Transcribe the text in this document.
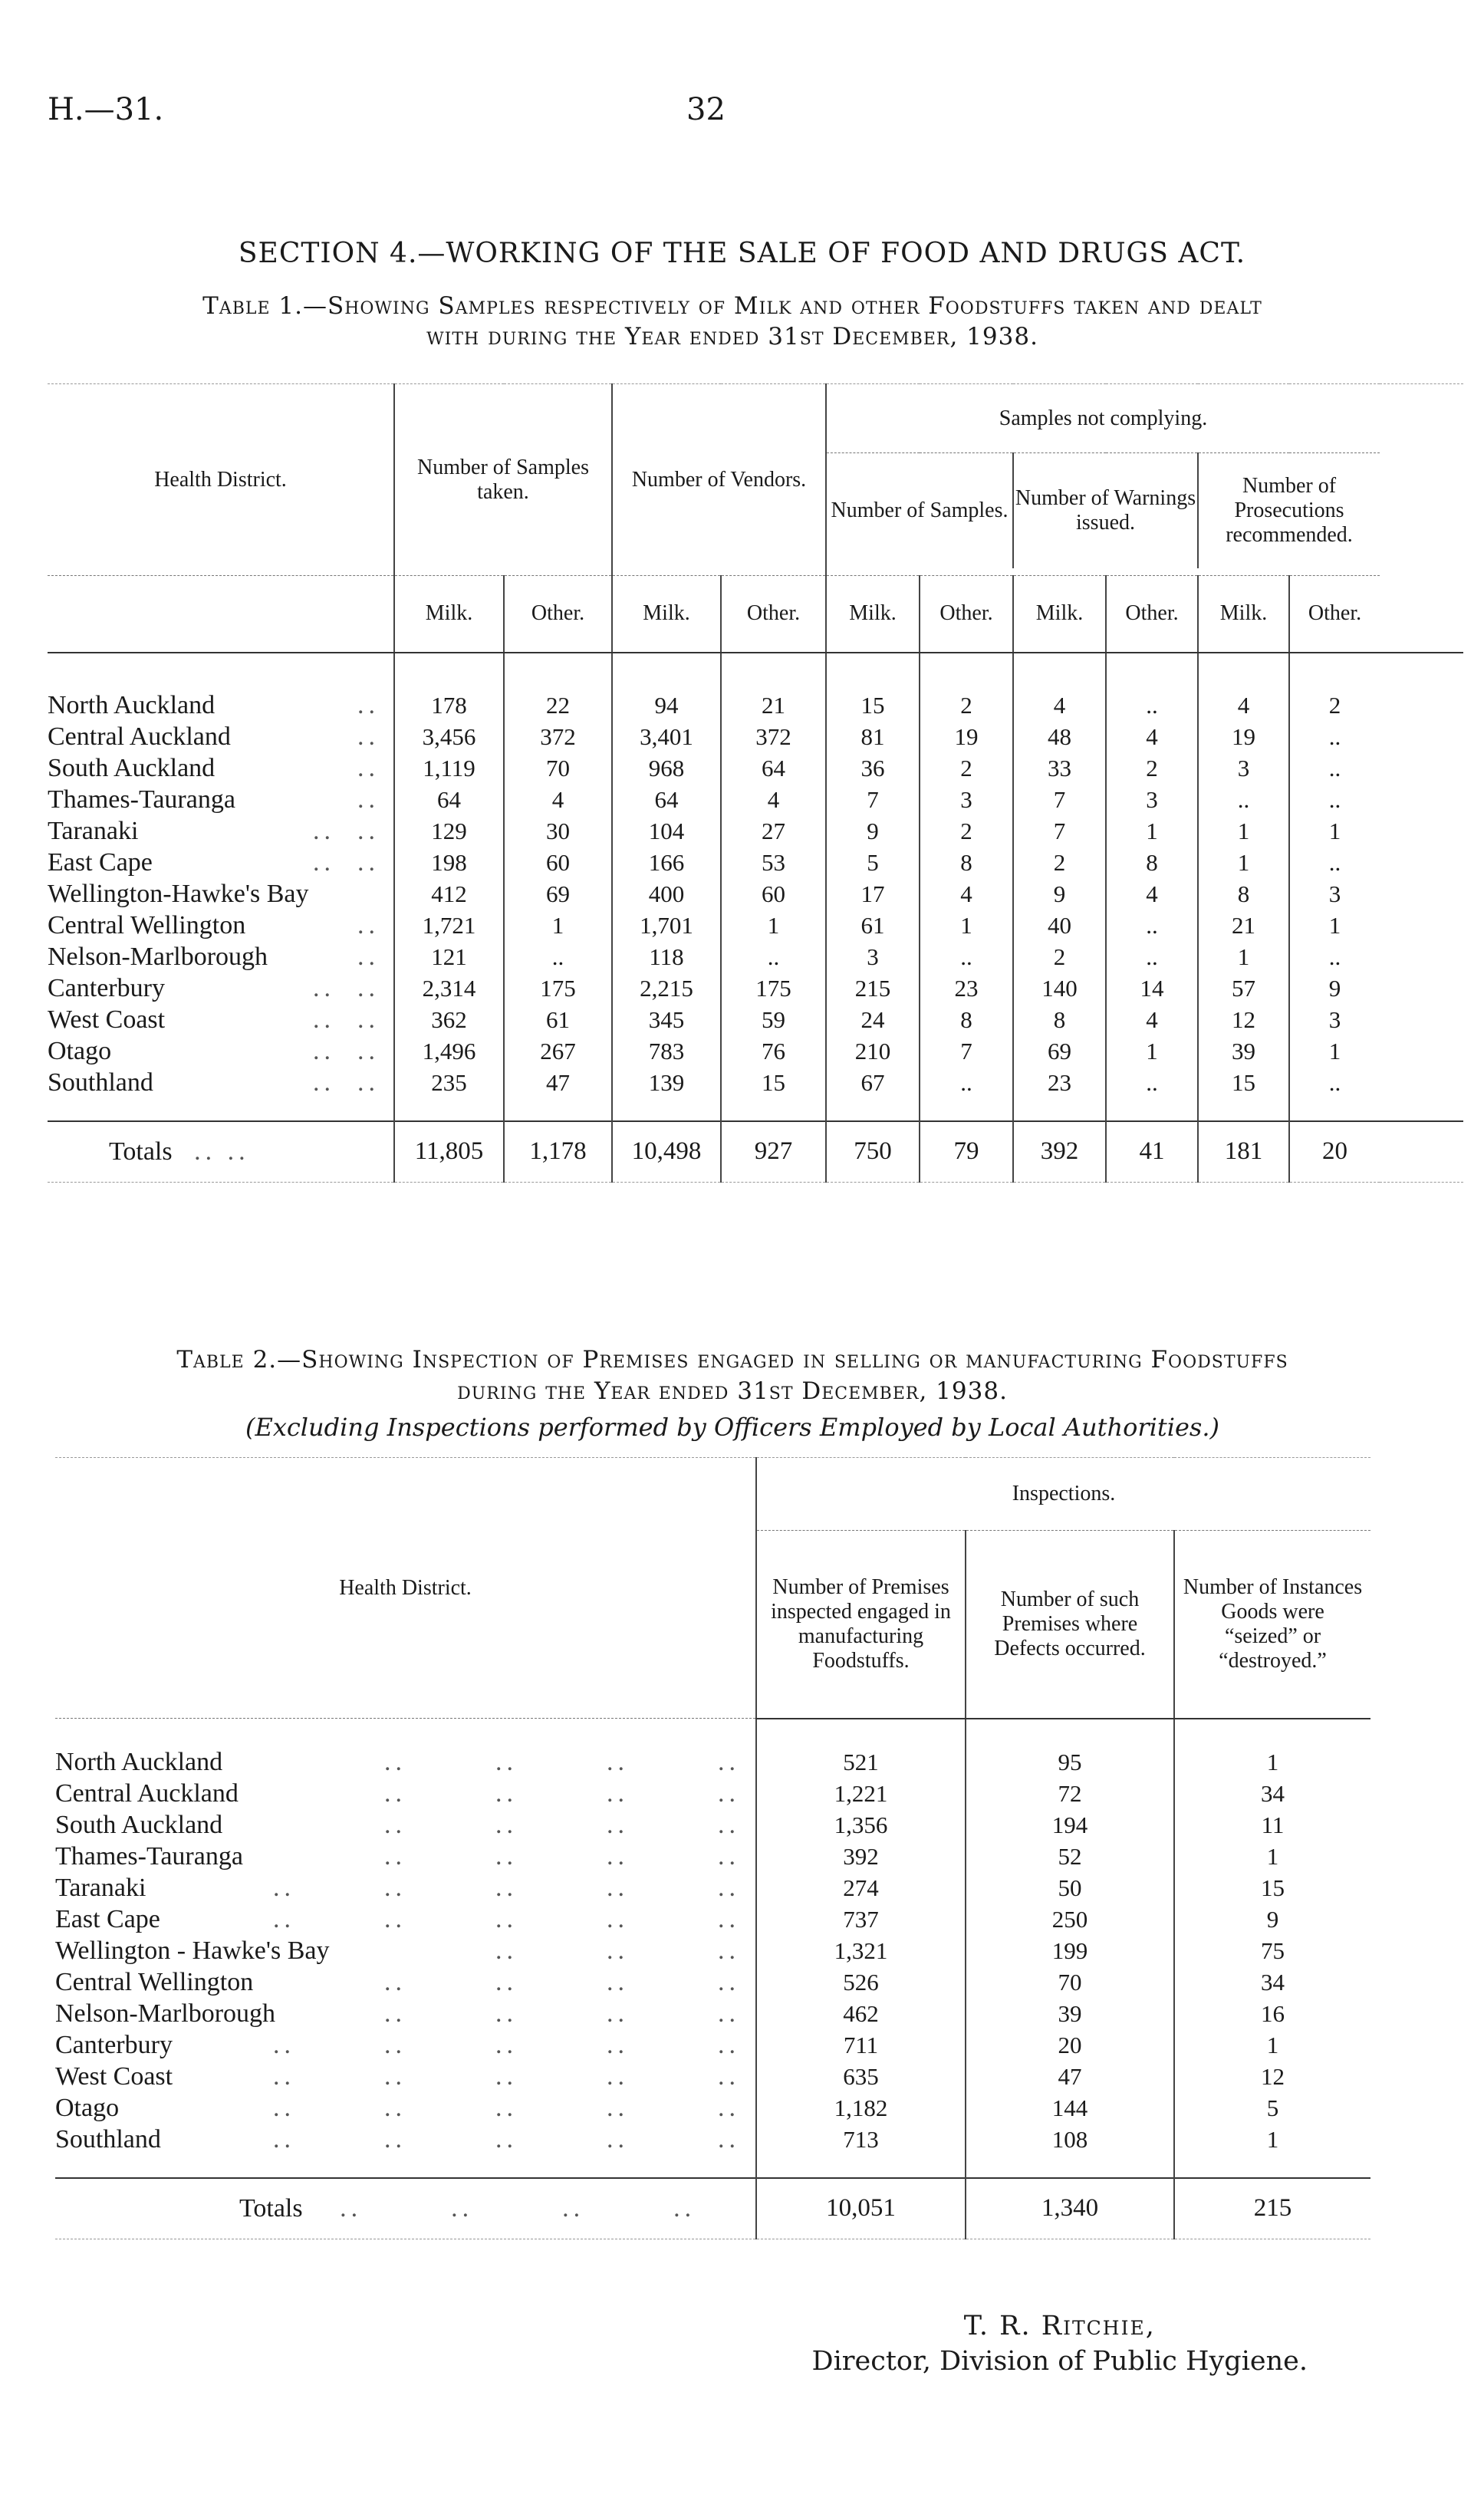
H.—31.	32
SECTION 4.—WORKING OF THE SALE OF FOOD AND DRUGS ACT.
Table 1.—Showing Samples respectively of Milk and other Foodstuffs taken and dealt
with during the Year ended 31st December, 1938.
Health District.	Number of Samples taken.		Number of Vendors.		Samples not complying.					
					Number of Samples.		Number of Warnings issued.		Number of Prosecutions recommended.	

	Milk.	Other.	Milk.	Other.	Milk.	Other.	Milk.	Other.	Milk.	Other.

North Auckland ..	178	22	94	21	15	2	4	..	4	2
Central Auckland ..	3,456	372	3,401	372	81	19	48	4	19	..
South Auckland ..	1,119	70	968	64	36	2	33	2	3	..
Thames-Tauranga ..	64	4	64	4	7	3	7	3	..	..
Taranaki ..  ..	129	30	104	27	9	2	7	1	1	1
East Cape ..  ..	198	60	166	53	5	8	2	8	1	..
Wellington-Hawke's Bay	412	69	400	60	17	4	9	4	8	3
Central Wellington ..	1,721	1	1,701	1	61	1	40	..	21	1
Nelson-Marlborough ..	121	..	118	..	3	..	2	..	1	..
Canterbury ..  ..	2,314	175	2,215	175	215	23	140	14	57	9
West Coast ..  ..	362	61	345	59	24	8	8	4	12	3
Otago ..  ..	1,496	267	783	76	210	7	69	1	39	1
Southland ..  ..	235	47	139	15	67	..	23	..	15	..

Totals .. ..	11,805	1,178	10,498	927	750	79	392	41	181	20

Table 2.—Showing Inspection of Premises engaged in selling or manufacturing Foodstuffs
during the Year ended 31st December, 1938.
(Excluding Inspections performed by Officers Employed by Local Authorities.)
Health District.	Inspections.		
	Number of Premises inspected engaged in manufacturing Foodstuffs.	Number of such Premises where Defects occurred.	Number of Instances Goods were “seized” or “destroyed.”

North Auckland ..        ..        ..        ..	521	95	1
Central Auckland ..        ..        ..        ..	1,221	72	34
South Auckland ..        ..        ..        ..	1,356	194	11
Thames-Tauranga ..        ..        ..        ..	392	52	1
Taranaki ..        ..        ..        ..        ..	274	50	15
East Cape ..        ..        ..        ..        ..	737	250	9
Wellington - Hawke's Bay ..        ..        ..	1,321	199	75
Central Wellington ..        ..        ..        ..	526	70	34
Nelson-Marlborough ..        ..        ..        ..	462	39	16
Canterbury ..        ..        ..        ..        ..	711	20	1
West Coast ..        ..        ..        ..        ..	635	47	12
Otago ..        ..        ..        ..        ..	1,182	144	5
Southland ..        ..        ..        ..        ..	713	108	1

Totals ..        ..        ..        ..	10,051	1,340	215

T. R. Ritchie,
Director, Division of Public Hygiene.
